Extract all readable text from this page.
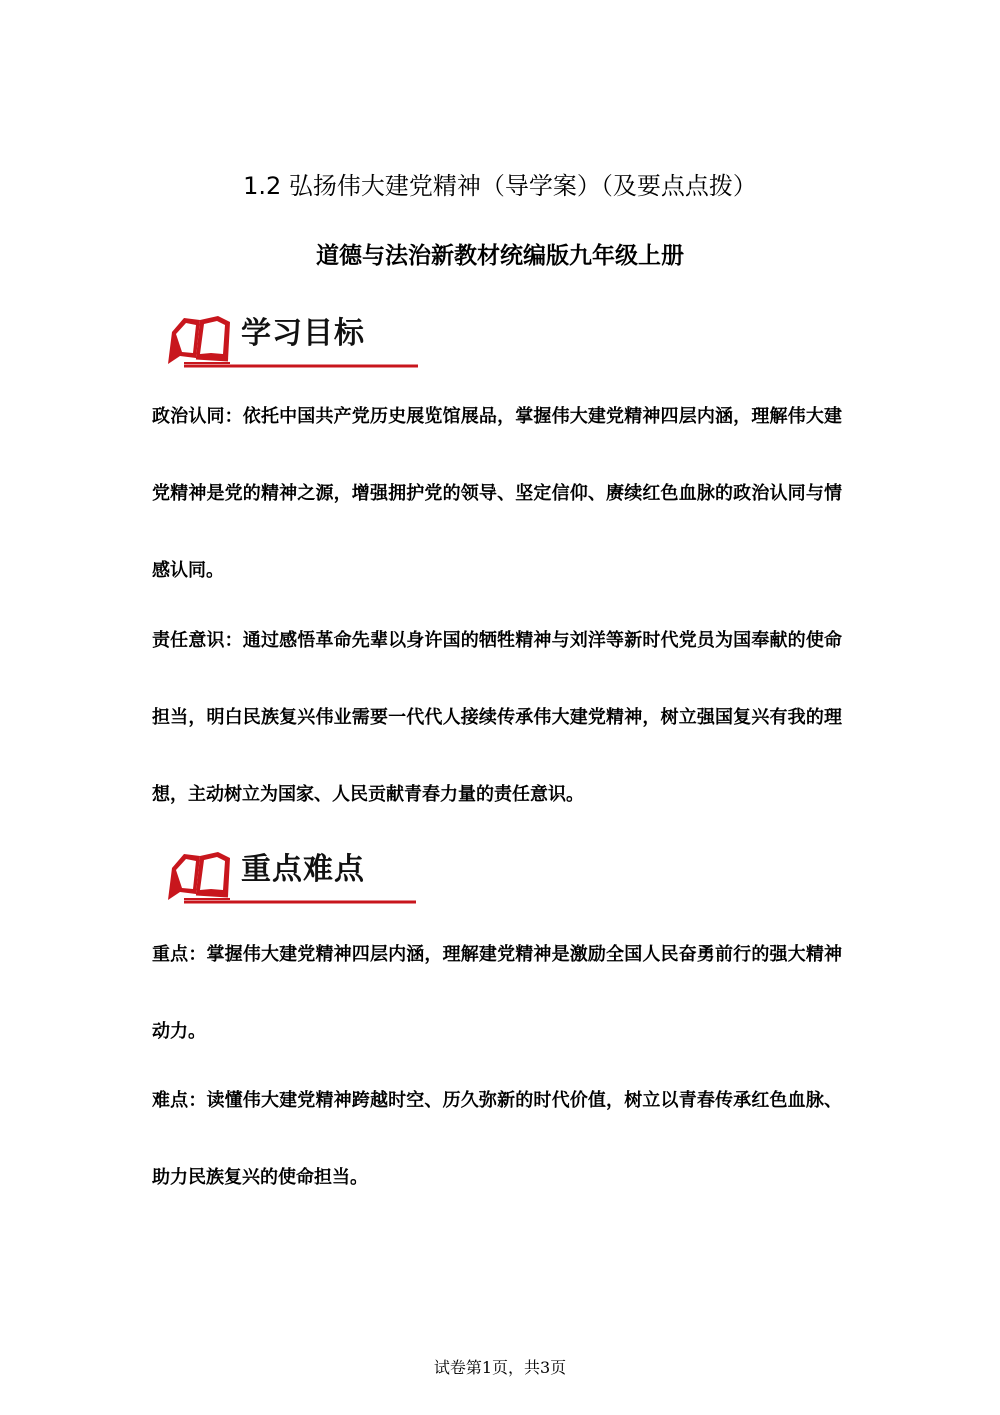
1.2 弘扬伟大建党精神（导学案）（及要点点拨）
道德与法治新教材统编版九年级上册
学习目标

政治认同：依托中国共产党历史展览馆展品，掌握伟大建党精神四层内涵，理解伟大建党精神是党的精神之源，增强拥护党的领导、坚定信仰、赓续红色血脉的政治认同与情感认同。

责任意识：通过感悟革命先辈以身许国的牺牲精神与刘洋等新时代党员为国奉献的使命担当，明白民族复兴伟业需要一代代人接续传承伟大建党精神，树立强国复兴有我的理想，主动树立为国家、人民贡献青春力量的责任意识。

重点难点

重点：掌握伟大建党精神四层内涵，理解建党精神是激励全国人民奋勇前行的强大精神动力。

难点：读懂伟大建党精神跨越时空、历久弥新的时代价值，树立以青春传承红色血脉、助力民族复兴的使命担当。

试卷第1页，共3页
